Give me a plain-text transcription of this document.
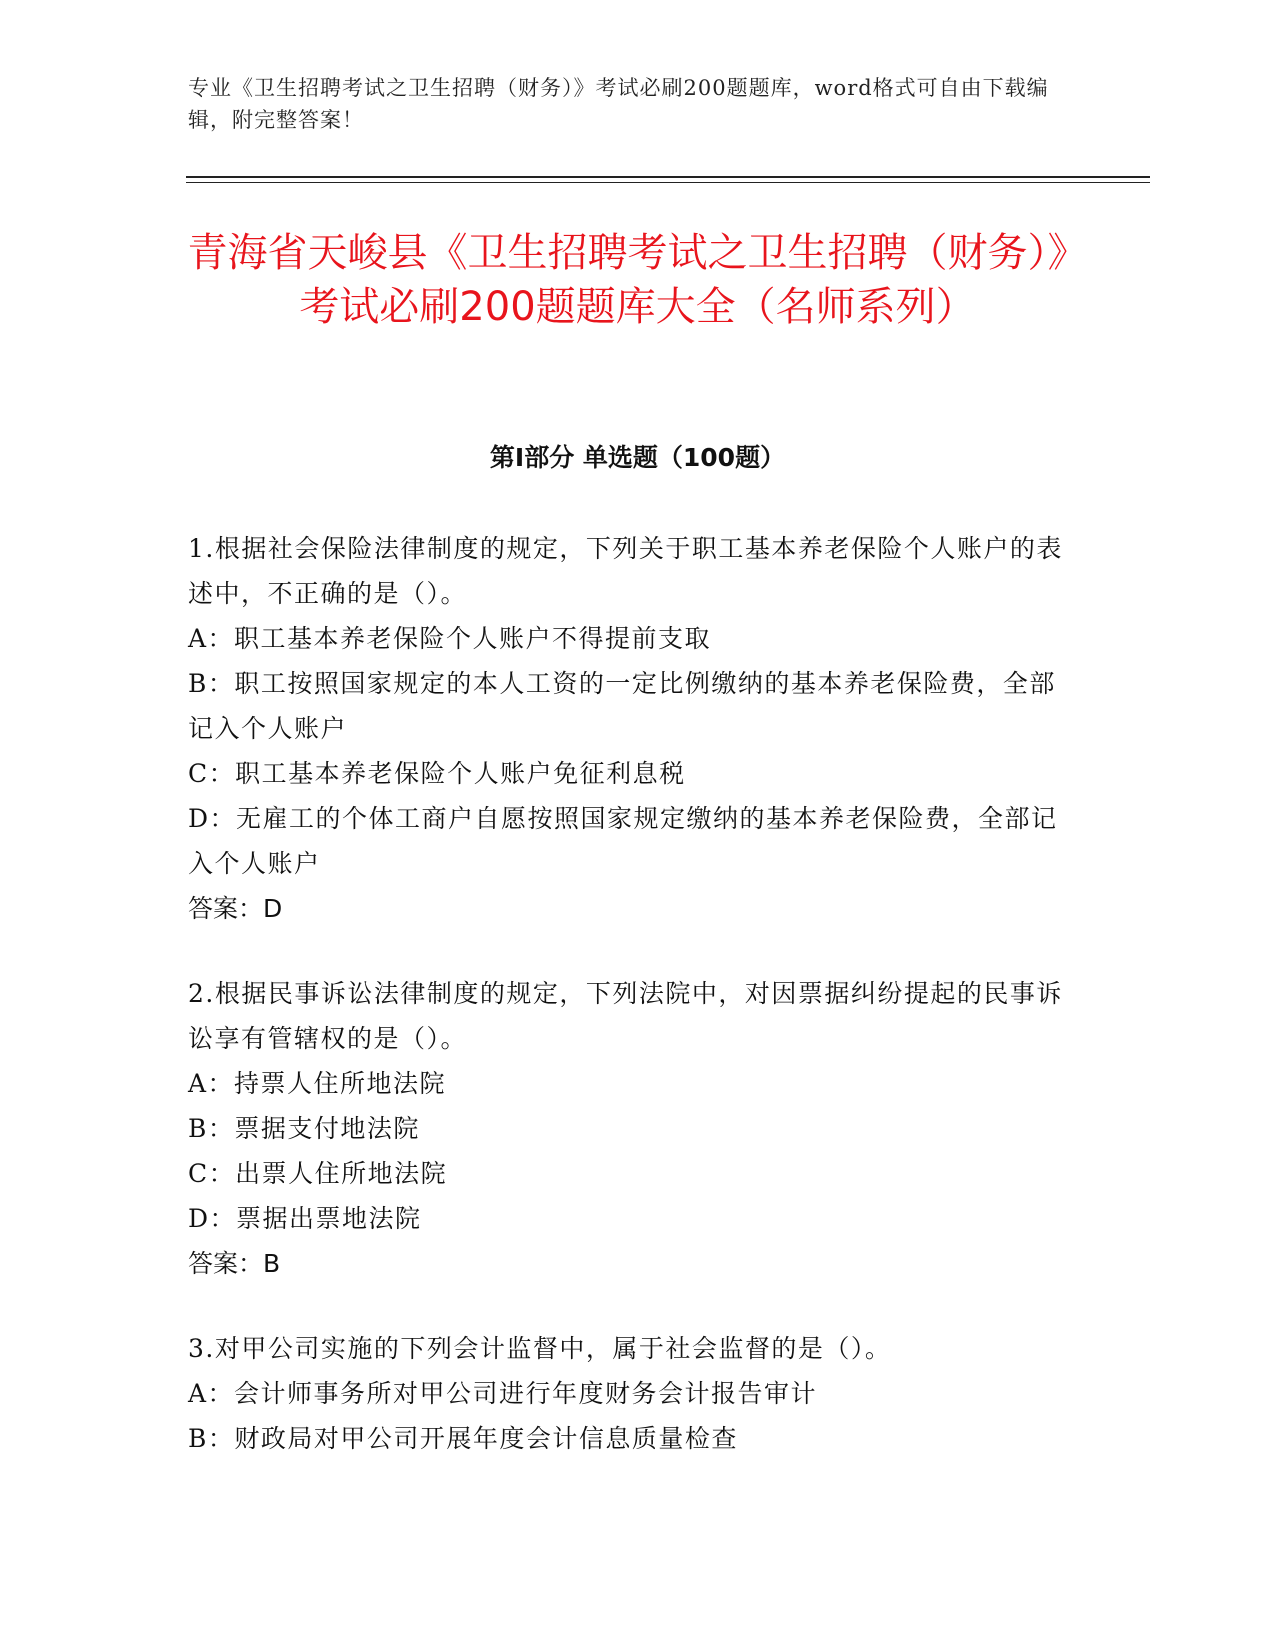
专业《卫生招聘考试之卫生招聘（财务）》考试必刷200题题库，word格式可自由下载编辑，附完整答案！
青海省天峻县《卫生招聘考试之卫生招聘（财务）》考试必刷200题题库大全（名师系列）
第I部分 单选题（100题）
1.根据社会保险法律制度的规定，下列关于职工基本养老保险个人账户的表述中，不正确的是（）。
A：职工基本养老保险个人账户不得提前支取
B：职工按照国家规定的本人工资的一定比例缴纳的基本养老保险费，全部记入个人账户
C：职工基本养老保险个人账户免征利息税
D：无雇工的个体工商户自愿按照国家规定缴纳的基本养老保险费，全部记入个人账户
答案：D
2.根据民事诉讼法律制度的规定，下列法院中，对因票据纠纷提起的民事诉讼享有管辖权的是（）。
A：持票人住所地法院
B：票据支付地法院
C：出票人住所地法院
D：票据出票地法院
答案：B
3.对甲公司实施的下列会计监督中，属于社会监督的是（）。
A：会计师事务所对甲公司进行年度财务会计报告审计
B：财政局对甲公司开展年度会计信息质量检查
